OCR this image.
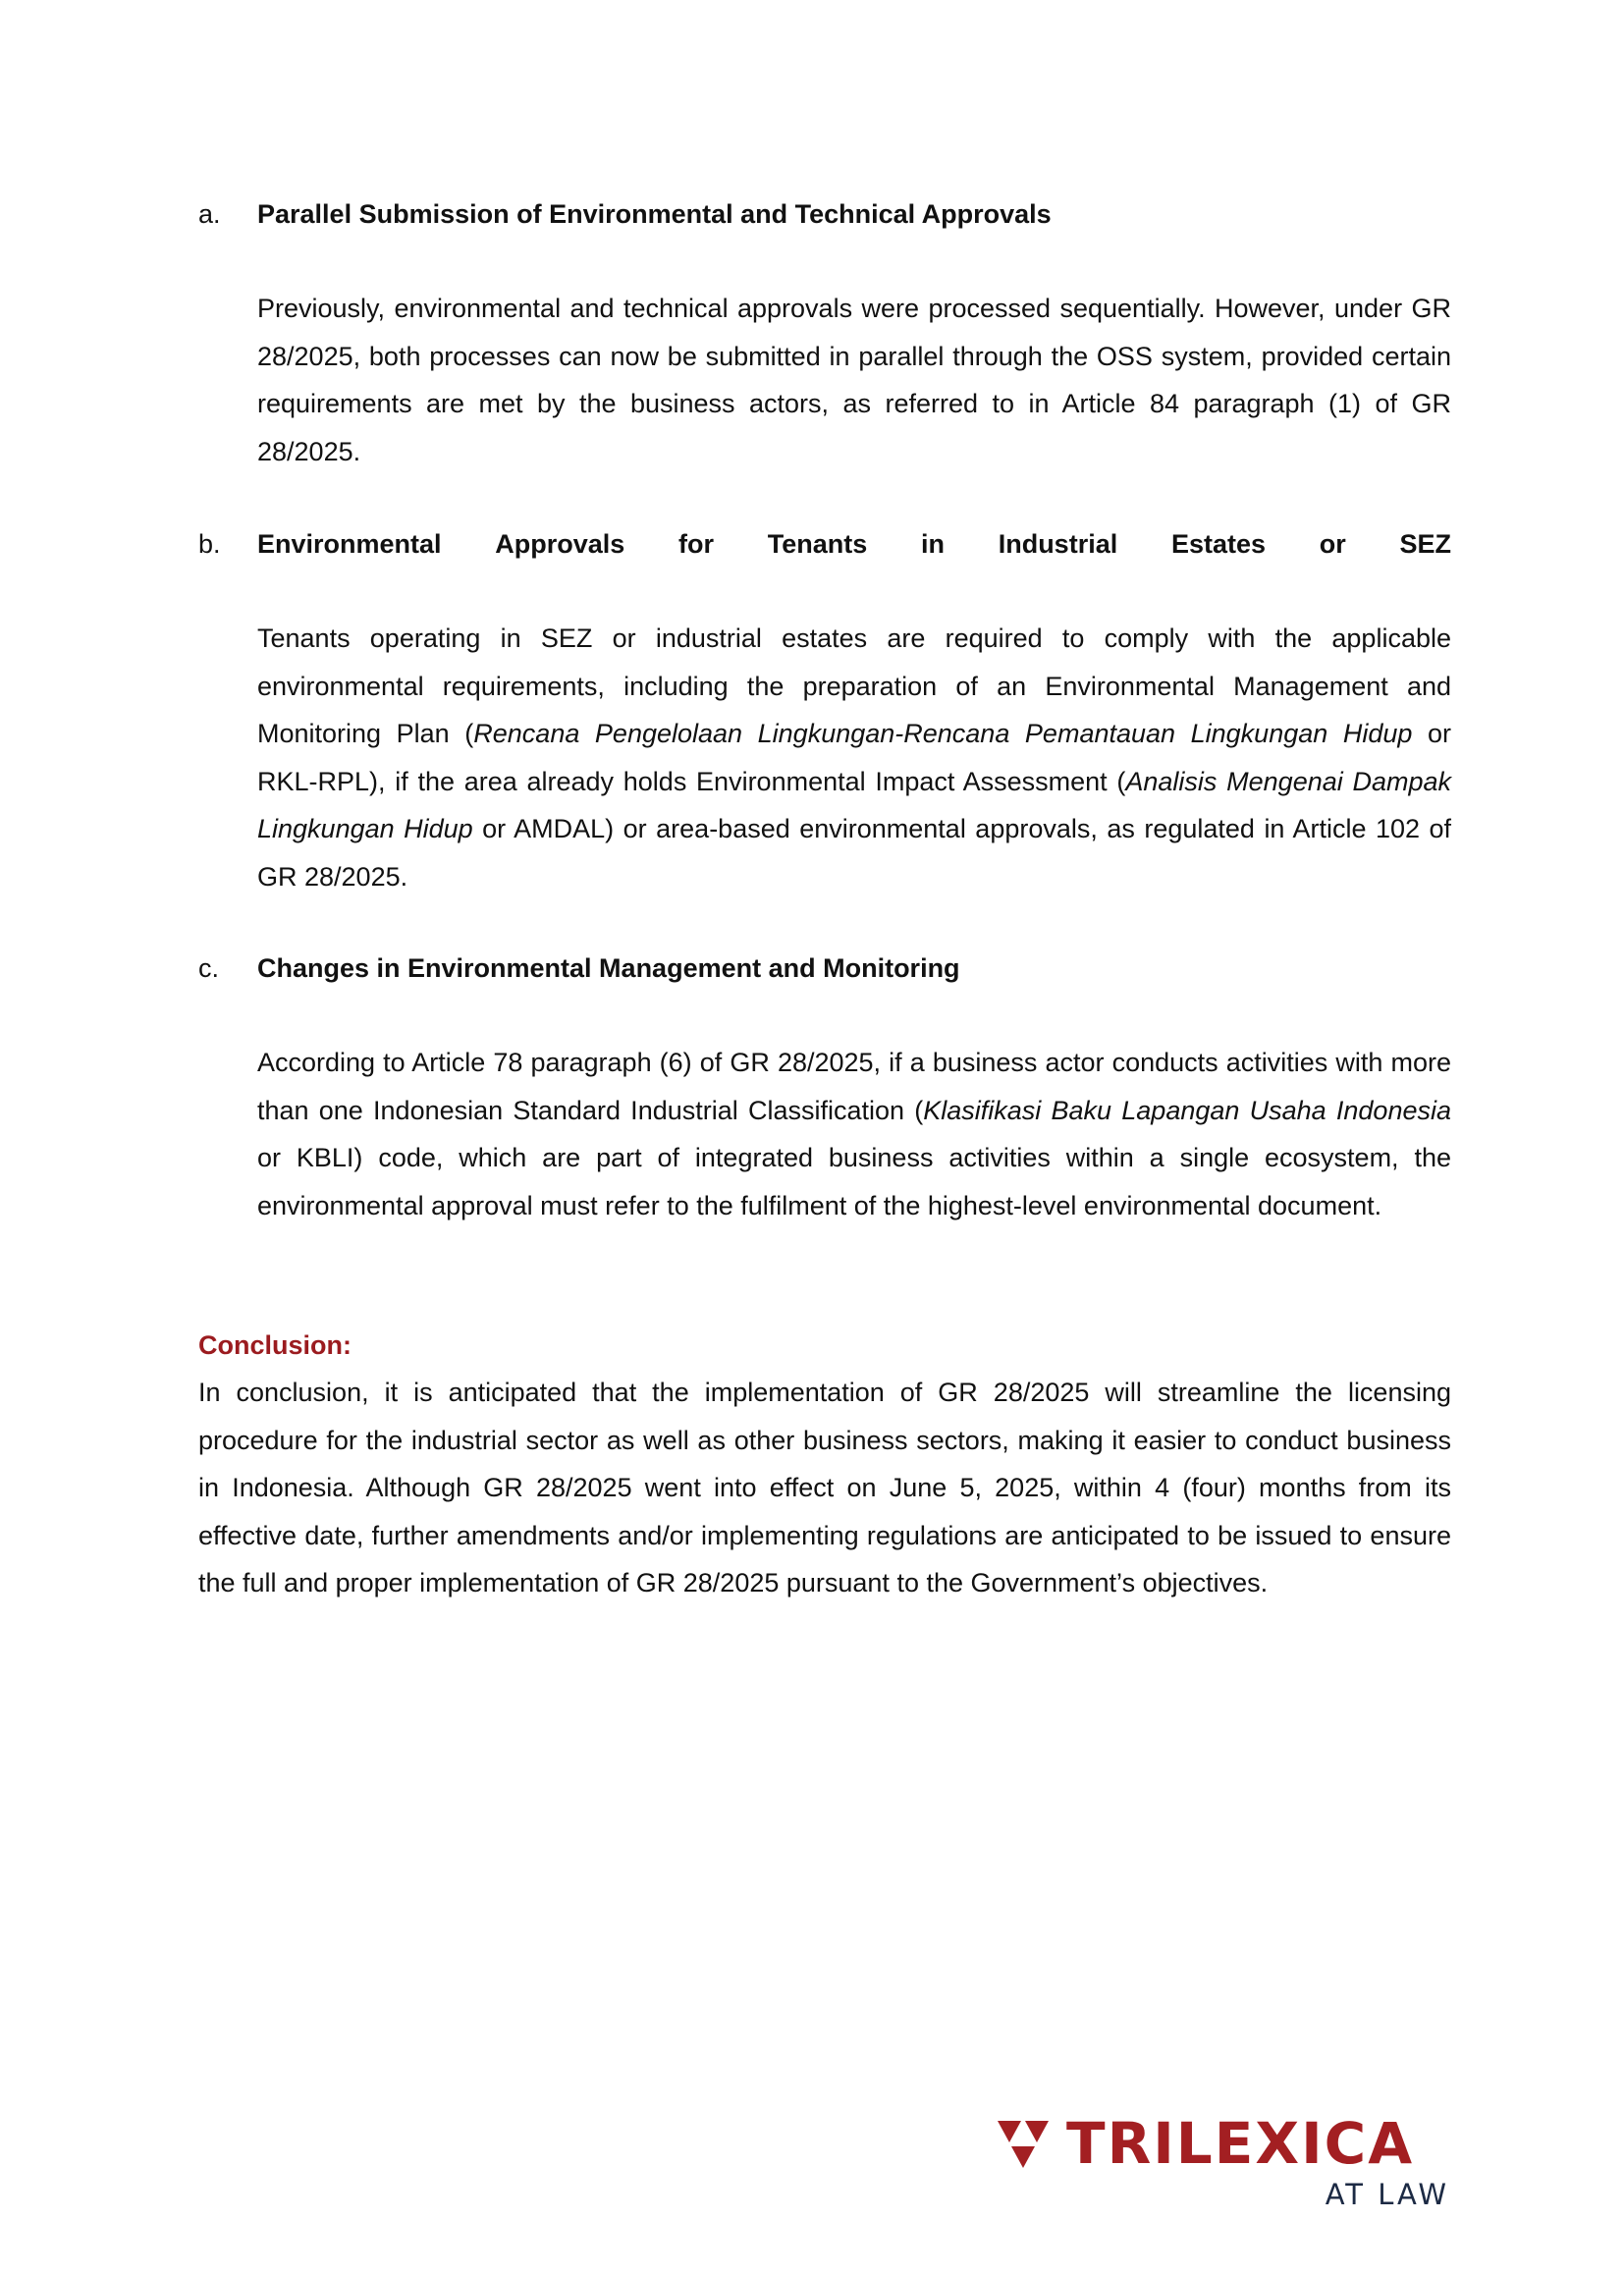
a. Parallel Submission of Environmental and Technical Approvals
Previously, environmental and technical approvals were processed sequentially. However, under GR 28/2025, both processes can now be submitted in parallel through the OSS system, provided certain requirements are met by the business actors, as referred to in Article 84 paragraph (1) of GR 28/2025.
b. Environmental Approvals for Tenants in Industrial Estates or SEZ
Tenants operating in SEZ or industrial estates are required to comply with the applicable environmental requirements, including the preparation of an Environmental Management and Monitoring Plan (Rencana Pengelolaan Lingkungan-Rencana Pemantauan Lingkungan Hidup or RKL-RPL), if the area already holds Environmental Impact Assessment (Analisis Mengenai Dampak Lingkungan Hidup or AMDAL) or area-based environmental approvals, as regulated in Article 102 of GR 28/2025.
c. Changes in Environmental Management and Monitoring
According to Article 78 paragraph (6) of GR 28/2025, if a business actor conducts activities with more than one Indonesian Standard Industrial Classification (Klasifikasi Baku Lapangan Usaha Indonesia or KBLI) code, which are part of integrated business activities within a single ecosystem, the environmental approval must refer to the fulfilment of the highest-level environmental document.
Conclusion:
In conclusion, it is anticipated that the implementation of GR 28/2025 will streamline the licensing procedure for the industrial sector as well as other business sectors, making it easier to conduct business in Indonesia. Although GR 28/2025 went into effect on June 5, 2025, within 4 (four) months from its effective date, further amendments and/or implementing regulations are anticipated to be issued to ensure the full and proper implementation of GR 28/2025 pursuant to the Government’s objectives.
TRILEXICA
AT LAW
